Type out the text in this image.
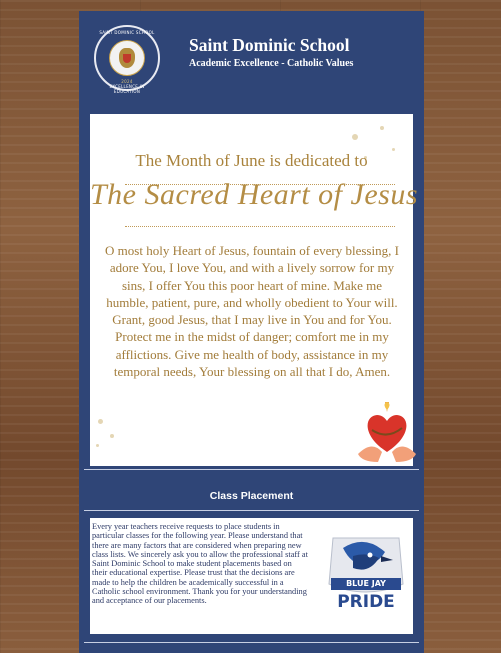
SAINT DOMINIC SCHOOL
2024
EXCELLENCE IN EDUCATION
Saint Dominic School
Academic Excellence - Catholic Values
The Month of June is dedicated to
The Sacred Heart of Jesus
O most holy Heart of Jesus, fountain of every blessing, I adore You, I love You, and with a lively sorrow for my sins, I offer You this poor heart of mine. Make me humble, patient, pure, and wholly obedient to Your will. Grant, good Jesus, that I may live in You and for You. Protect me in the midst of danger; comfort me in my afflictions. Give me health of body, assistance in my temporal needs, Your blessing on all that I do, Amen.
Class Placement
Every year teachers receive requests to place students in particular classes for the following year. Please understand that there are many factors that are considered when preparing new class lists. We sincerely ask you to allow the professional staff at Saint Dominic School to make student placements based on their educational expertise. Please trust that the decisions are made to help the children be academically successful in a Catholic school environment. Thank you for your understanding and acceptance of our placements.
BLUE JAY
PRIDE
